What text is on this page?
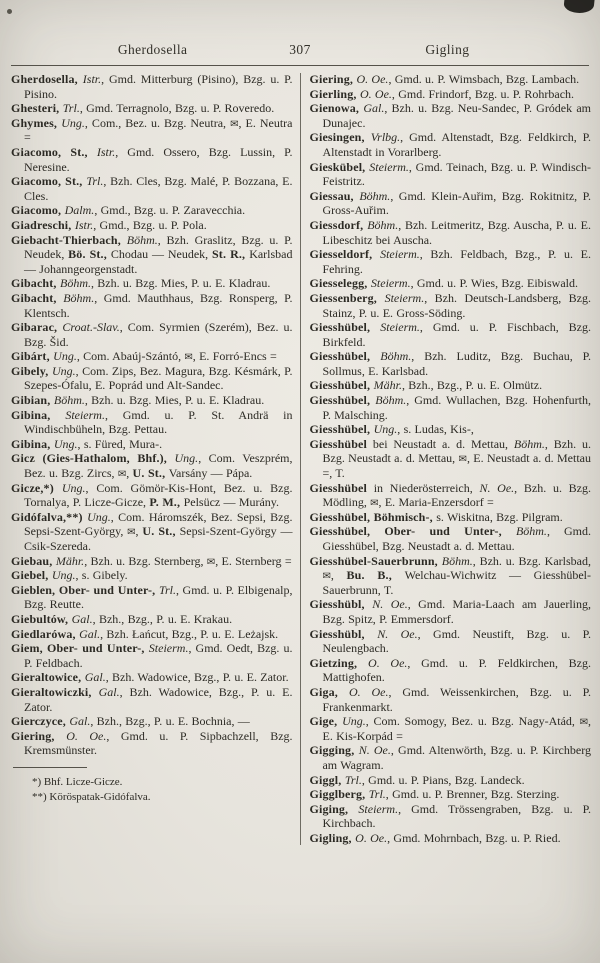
Gherdosella	307	Gigling

Gherdosella, Istr., Gmd. Mitterburg (Pisino), Bzg. u. P. Pisino.

Ghesteri, Trl., Gmd. Terragnolo, Bzg. u. P. Roveredo.

Ghymes, Ung., Com., Bez. u. Bzg. Neutra, ✉, E. Neutra =

Giacomo, St., Istr., Gmd. Ossero, Bzg. Lussin, P. Neresine.

Giacomo, St., Trl., Bzh. Cles, Bzg. Malé, P. Bozzana, E. Cles.

Giacomo, Dalm., Gmd., Bzg. u. P. Zaravecchia.

Giadreschi, Istr., Gmd., Bzg. u. P. Pola.

Giebacht-Thierbach, Böhm., Bzh. Graslitz, Bzg. u. P. Neudek, Bö. St., Chodau — Neudek, St. R., Karlsbad — Johanngeorgenstadt.

Gibacht, Böhm., Bzh. u. Bzg. Mies, P. u. E. Kladrau.

Gibacht, Böhm., Gmd. Mauthhaus, Bzg. Ronsperg, P. Klentsch.

Gibarac, Croat.-Slav., Com. Syrmien (Szerém), Bez. u. Bzg. Šid.

Gibárt, Ung., Com. Abaúj-Szántó, ✉, E. Forró-Encs =

Gibely, Ung., Com. Zips, Bez. Magura, Bzg. Késmárk, P. Szepes-Ófalu, E. Poprád und Alt-Sandec.

Gibian, Böhm., Bzh. u. Bzg. Mies, P. u. E. Kladrau.

Gibina, Steierm., Gmd. u. P. St. Andrä in Windischbüheln, Bzg. Pettau.

Gibina, Ung., s. Füred, Mura-.

Gicz (Gies-Hathalom, Bhf.), Ung., Com. Veszprém, Bez. u. Bzg. Zircs, ✉, U. St., Varsány — Pápa.

Gicze,*) Ung., Com. Gömör-Kis-Hont, Bez. u. Bzg. Tornalya, P. Licze-Gicze, P. M., Pelsücz — Murány.

Gidófalva,**) Ung., Com. Háromszék, Bez. Sepsi, Bzg. Sepsi-Szent-György, ✉, U. St., Sepsi-Szent-György — Csik-Szereda.

Giebau, Mähr., Bzh. u. Bzg. Sternberg, ✉, E. Sternberg =

Giebel, Ung., s. Gibely.

Gieblen, Ober- und Unter-, Trl., Gmd. u. P. Elbigenalp, Bzg. Reutte.

Giebultów, Gal., Bzh., Bzg., P. u. E. Krakau.

Giedlarówa, Gal., Bzh. Łańcut, Bzg., P. u. E. Leżajsk.

Giem, Ober- und Unter-, Steierm., Gmd. Oedt, Bzg. u. P. Feldbach.

Gieraltowice, Gal., Bzh. Wadowice, Bzg., P. u. E. Zator.

Gieraltowiczki, Gal., Bzh. Wadowice, Bzg., P. u. E. Zator.

Gierczyce, Gal., Bzh., Bzg., P. u. E. Bochnia, —

Giering, O. Oe., Gmd. u. P. Sipbachzell, Bzg. Kremsmünster.

*) Bhf. Licze-Gicze.

**) Köröspatak-Gidófalva.

Giering, O. Oe., Gmd. u. P. Wimsbach, Bzg. Lambach.

Gierling, O. Oe., Gmd. Frindorf, Bzg. u. P. Rohrbach.

Gienowa, Gal., Bzh. u. Bzg. Neu-Sandec, P. Gródek am Dunajec.

Giesingen, Vrlbg., Gmd. Altenstadt, Bzg. Feldkirch, P. Altenstadt in Vorarlberg.

Gieskübel, Steierm., Gmd. Teinach, Bzg. u. P. Windisch-Feistritz.

Giessau, Böhm., Gmd. Klein-Auřim, Bzg. Rokitnitz, P. Gross-Auřim.

Giessdorf, Böhm., Bzh. Leitmeritz, Bzg. Auscha, P. u. E. Libeschitz bei Auscha.

Giesseldorf, Steierm., Bzh. Feldbach, Bzg., P. u. E. Fehring.

Giesselegg, Steierm., Gmd. u. P. Wies, Bzg. Eibiswald.

Giessenberg, Steierm., Bzh. Deutsch-Landsberg, Bzg. Stainz, P. u. E. Gross-Söding.

Giesshübel, Steierm., Gmd. u. P. Fischbach, Bzg. Birkfeld.

Giesshübel, Böhm., Bzh. Luditz, Bzg. Buchau, P. Sollmus, E. Karlsbad.

Giesshübel, Mähr., Bzh., Bzg., P. u. E. Olmütz.

Giesshübel, Böhm., Gmd. Wullachen, Bzg. Hohenfurth, P. Malsching.

Giesshübel, Ung., s. Ludas, Kis-,

Giesshübel bei Neustadt a. d. Mettau, Böhm., Bzh. u. Bzg. Neustadt a. d. Mettau, ✉, E. Neustadt a. d. Mettau =, T.

Giesshübel in Niederösterreich, N. Oe., Bzh. u. Bzg. Mödling, ✉, E. Maria-Enzersdorf =

Giesshübel, Böhmisch-, s. Wiskitna, Bzg. Pilgram.

Giesshübel, Ober- und Unter-, Böhm., Gmd. Giesshübel, Bzg. Neustadt a. d. Mettau.

Giesshübel-Sauerbrunn, Böhm., Bzh. u. Bzg. Karlsbad, ✉, Bu. B., Welchau-Wichwitz — Giesshübel-Sauerbrunn, T.

Giesshübl, N. Oe., Gmd. Maria-Laach am Jauerling, Bzg. Spitz, P. Emmersdorf.

Giesshübl, N. Oe., Gmd. Neustift, Bzg. u. P. Neulengbach.

Gietzing, O. Oe., Gmd. u. P. Feldkirchen, Bzg. Mattighofen.

Giga, O. Oe., Gmd. Weissenkirchen, Bzg. u. P. Frankenmarkt.

Gige, Ung., Com. Somogy, Bez. u. Bzg. Nagy-Atád, ✉, E. Kis-Korpád =

Gigging, N. Oe., Gmd. Altenwörth, Bzg. u. P. Kirchberg am Wagram.

Giggl, Trl., Gmd. u. P. Pians, Bzg. Landeck.

Gigglberg, Trl., Gmd. u. P. Brenner, Bzg. Sterzing.

Giging, Steierm., Gmd. Trössengraben, Bzg. u. P. Kirchbach.

Gigling, O. Oe., Gmd. Mohrnbach, Bzg. u. P. Ried.
